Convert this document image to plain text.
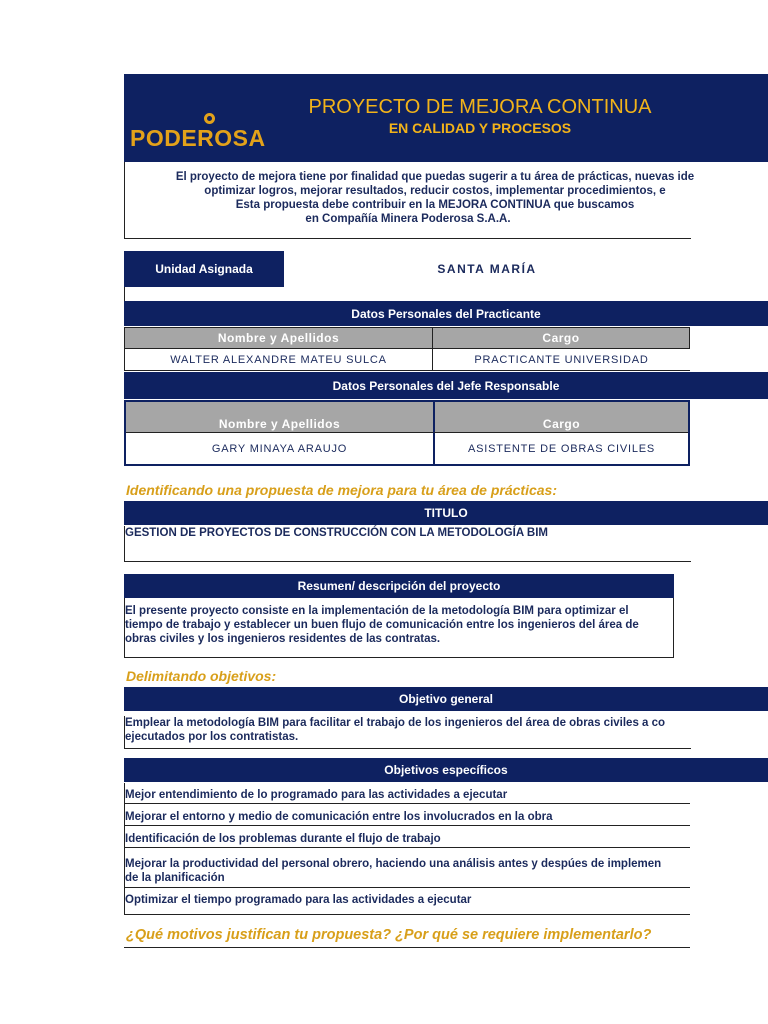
PODEROSA
PROYECTO DE MEJORA CONTINUA
EN CALIDAD Y PROCESOS

El proyecto de mejora tiene por finalidad que puedas sugerir a tu área de prácticas, nuevas ide

optimizar logros, mejorar resultados, reducir costos, implementar procedimientos, e

Esta propuesta debe contribuir en la MEJORA CONTINUA que buscamos

en Compañía Minera Poderosa S.A.A.

Unidad Asignada	SANTA MARÍA
Datos Personales del Practicante
Nombre y Apellidos	Cargo
WALTER ALEXANDRE MATEU SULCA	PRACTICANTE UNIVERSIDAD
Datos Personales del Jefe Responsable
Nombre y Apellidos	Cargo
GARY MINAYA ARAUJO	ASISTENTE DE OBRAS CIVILES
Identificando una propuesta de mejora para tu área de prácticas:
TITULO
GESTION DE PROYECTOS DE CONSTRUCCIÓN CON LA METODOLOGÍA BIM
Resumen/ descripción del proyecto
El presente proyecto consiste en la implementación de la metodología BIM para optimizar el
tiempo de trabajo y establecer un buen flujo de comunicación entre los ingenieros del área de
obras civiles y los ingenieros residentes de las contratas.
Delimitando objetivos:
Objetivo general
Emplear la metodología BIM para facilitar el trabajo de los ingenieros del área de obras civiles a co
ejecutados por los contratistas.
Objetivos específicos
Mejor entendimiento de lo programado para las actividades a ejecutar
Mejorar el entorno y medio de comunicación entre los involucrados en la obra
Identificación de los problemas durante el flujo de trabajo
Mejorar la productividad del personal obrero, haciendo una análisis antes y despúes de implemen
de la planificación
Optimizar el tiempo programado para las actividades a ejecutar
¿Qué motivos justifican tu propuesta? ¿Por qué se requiere implementarlo?
